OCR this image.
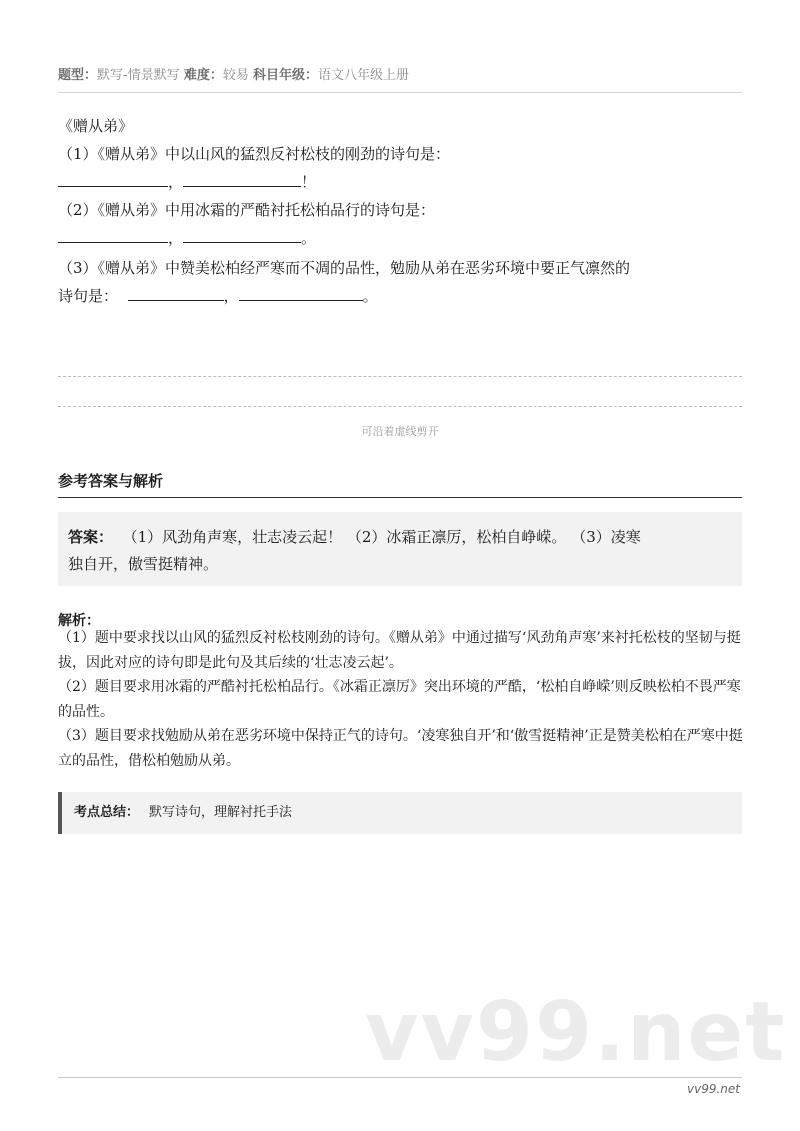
题型：默写-情景默写 难度：较易 科目年级：语文八年级上册
《赠从弟》
（1）《赠从弟》中以山风的猛烈反衬松枝的刚劲的诗句是：
，	！
（2）《赠从弟》中用冰霜的严酷衬托松柏品行的诗句是：
，	。
（3）《赠从弟》中赞美松柏经严寒而不凋的品性，勉励从弟在恶劣环境中要正气凛然的
诗句是：	，	。
可沿着虚线剪开
参考答案与解析
答案： （1）风劲角声寒，壮志凌云起！ （2）冰霜正凛厉，松柏自峥嵘。 （3）凌寒
独自开，傲雪挺精神。
解析：

（1）题中要求找以山风的猛烈反衬松枝刚劲的诗句。《赠从弟》中通过描写‘风劲角声寒’来衬托松枝的坚韧与挺拔，因此对应的诗句即是此句及其后续的‘壮志凌云起’。

（2）题目要求用冰霜的严酷衬托松柏品行。《冰霜正凛厉》突出环境的严酷，‘松柏自峥嵘’则反映松柏不畏严寒的品性。

（3）题目要求找勉励从弟在恶劣环境中保持正气的诗句。‘凌寒独自开’和‘傲雪挺精神’正是赞美松柏在严寒中挺立的品性，借松柏勉励从弟。

考点总结： 默写诗句，理解衬托手法
vv99.net
vv99.net
